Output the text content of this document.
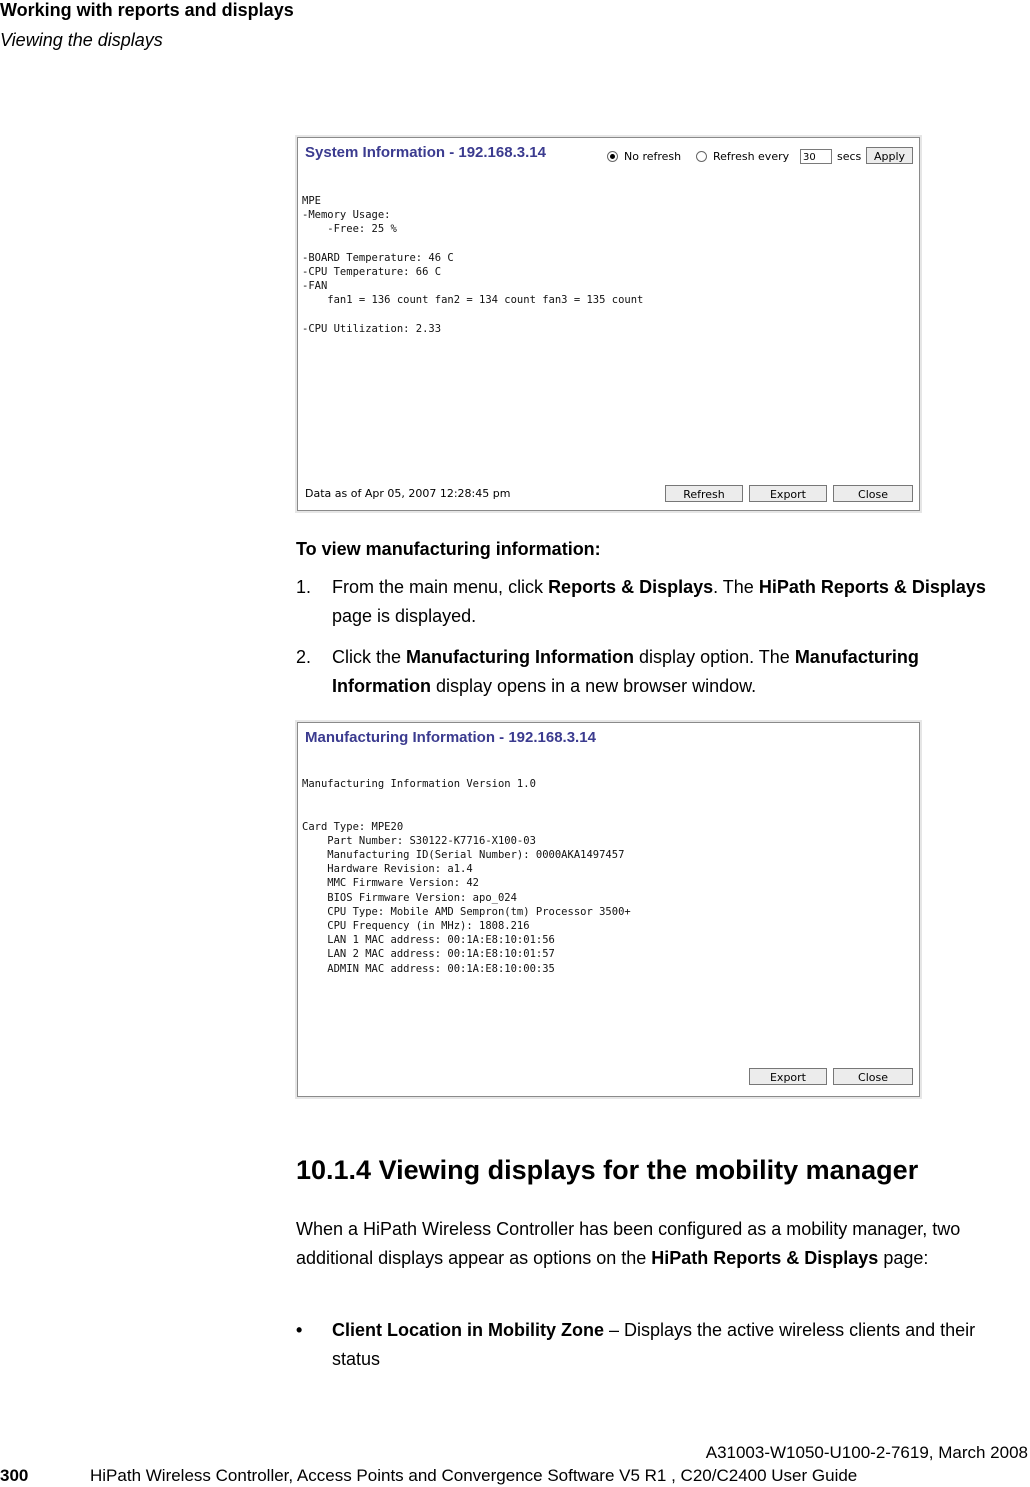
Working with reports and displays
Viewing the displays
System Information - 192.168.3.14	No refresh	Refresh every	30	secs	Apply
MPE
-Memory Usage:
-Free: 25 %

-BOARD Temperature: 46 C
-CPU Temperature: 66 C
-FAN
fan1 = 136 count fan2 = 134 count fan3 = 135 count

-CPU Utilization: 2.33
Data as of Apr 05, 2007 12:28:45 pm	Refresh	Export	Close
To view manufacturing information:
1. From the main menu, click Reports & Displays. The HiPath Reports & Displays page is displayed.
2. Click the Manufacturing Information display option. The Manufacturing Information display opens in a new browser window.
Manufacturing Information - 192.168.3.14
Manufacturing Information Version 1.0

Card Type: MPE20
Part Number: S30122-K7716-X100-03
Manufacturing ID(Serial Number): 0000AKA1497457
Hardware Revision: a1.4
MMC Firmware Version: 42
BIOS Firmware Version: apo_024
CPU Type: Mobile AMD Sempron(tm) Processor 3500+
CPU Frequency (in MHz): 1808.216
LAN 1 MAC address: 00:1A:E8:10:01:56
LAN 2 MAC address: 00:1A:E8:10:01:57
ADMIN MAC address: 00:1A:E8:10:00:35
Export	Close
10.1.4 Viewing displays for the mobility manager
When a HiPath Wireless Controller has been configured as a mobility manager, two additional displays appear as options on the HiPath Reports & Displays page:
• Client Location in Mobility Zone – Displays the active wireless clients and their status
A31003-W1050-U100-2-7619, March 2008
300	HiPath Wireless Controller, Access Points and Convergence Software V5 R1 , C20/C2400 User Guide
